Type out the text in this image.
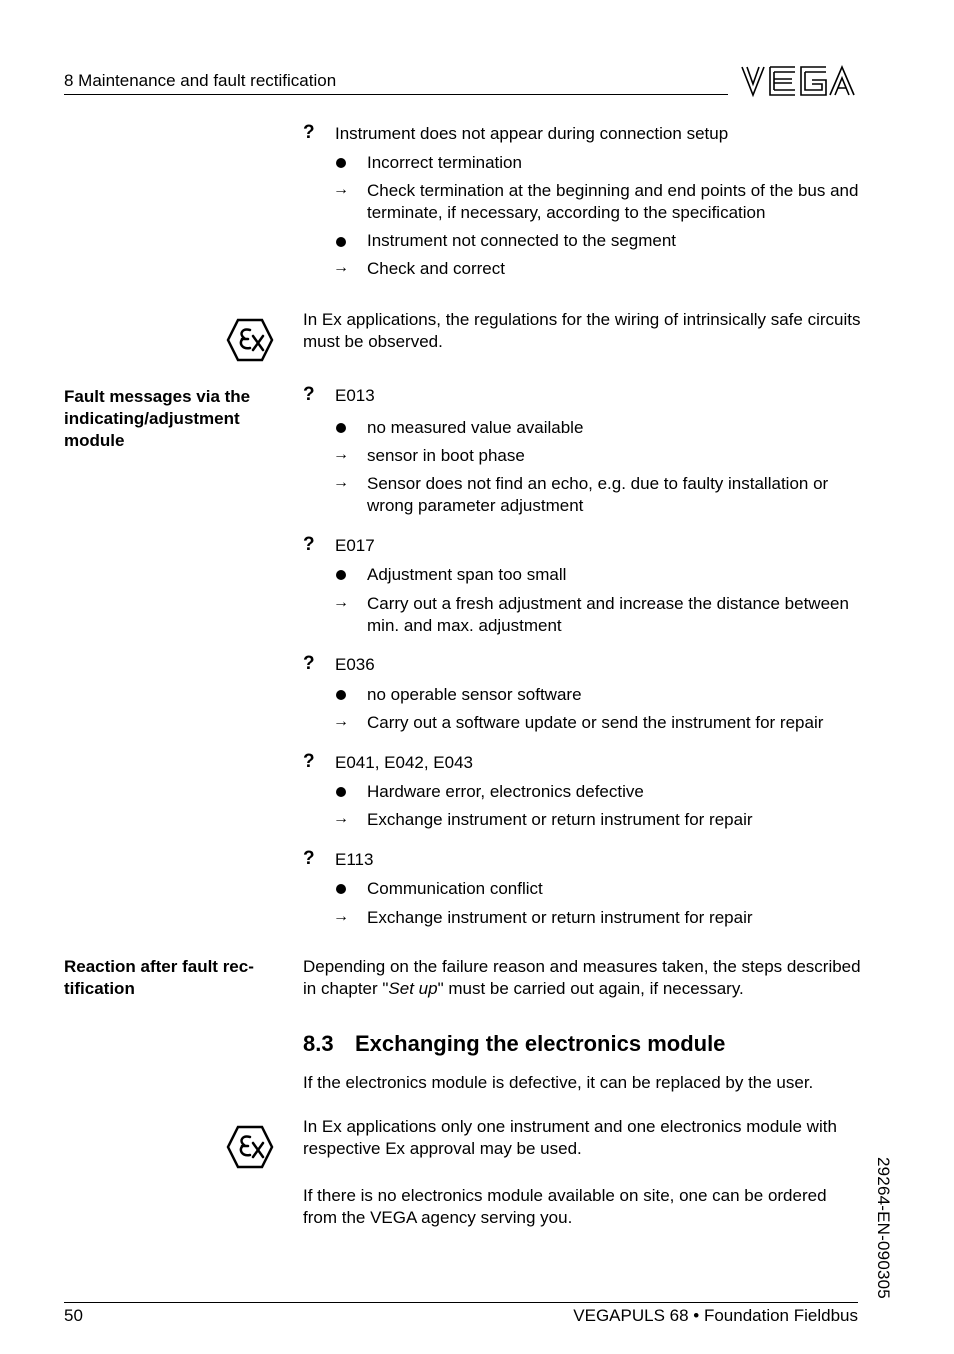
8 Maintenance and fault rectification
? Instrument does not appear during connection setup
Incorrect termination
→ Check termination at the beginning and end points of the bus and terminate, if necessary, according to the specification
Instrument not connected to the segment
→ Check and correct
In Ex applications, the regulations for the wiring of intrinsically safe circuits must be observed.
Fault messages via the indicating/adjustment module
? E013
no measured value available
→ sensor in boot phase
→ Sensor does not find an echo, e.g. due to faulty installation or wrong parameter adjustment
? E017
Adjustment span too small
→ Carry out a fresh adjustment and increase the distance between min. and max. adjustment
? E036
no operable sensor software
→ Carry out a software update or send the instrument for repair
? E041, E042, E043
Hardware error, electronics defective
→ Exchange instrument or return instrument for repair
? E113
Communication conflict
→ Exchange instrument or return instrument for repair
Reaction after fault rec-tification
Depending on the failure reason and measures taken, the steps described in chapter "Set up" must be carried out again, if necessary.
8.3 Exchanging the electronics module
If the electronics module is defective, it can be replaced by the user.
In Ex applications only one instrument and one electronics module with respective Ex approval may be used.
If there is no electronics module available on site, one can be ordered from the VEGA agency serving you.	29264-EN-090305
50	VEGAPULS 68 • Foundation Fieldbus
